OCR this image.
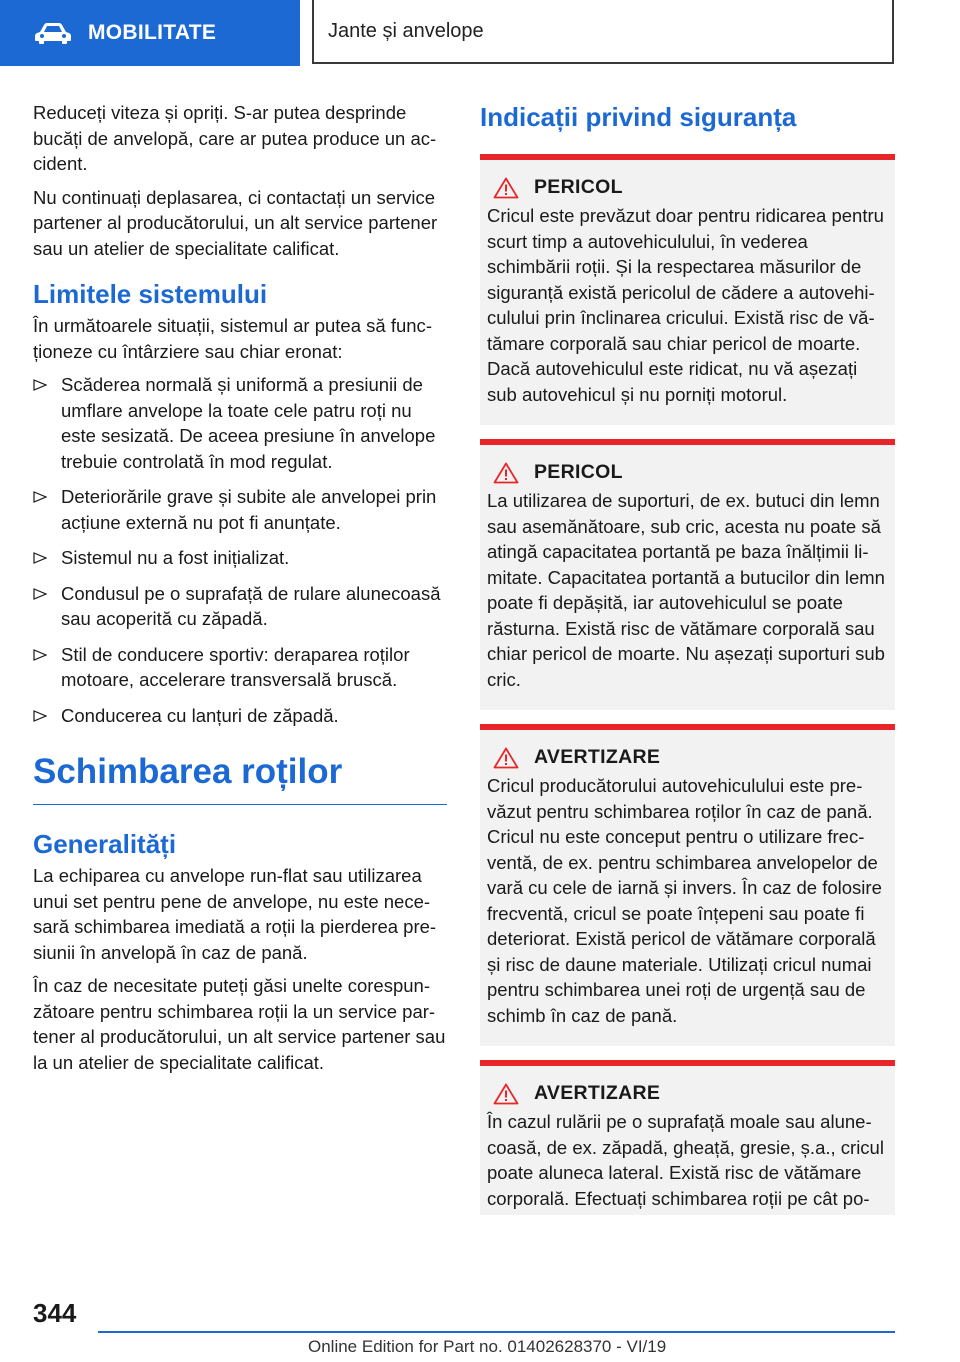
MOBILITATE	Jante și anvelope

Reduceți viteza și opriți. S-ar putea desprinde bucăți de anvelopă, care ar putea produce un accident.

Nu continuați deplasarea, ci contactați un service partener al producătorului, un alt service partener sau un atelier de specialitate calificat.

Limitele sistemului

În următoarele situații, sistemul ar putea să funcționeze cu întârziere sau chiar eronat:

Scăderea normală și uniformă a presiunii de umflare anvelope la toate cele patru roți nu este sesizată. De aceea presiune în anvelope trebuie controlată în mod regulat.
Deteriorările grave și subite ale anvelopei prin acțiune externă nu pot fi anunțate.
Sistemul nu a fost inițializat.
Condusul pe o suprafață de rulare alunecoasă sau acoperită cu zăpadă.
Stil de conducere sportiv: deraparea roților motoare, accelerare transversală bruscă.
Conducerea cu lanțuri de zăpadă.
Schimbarea roților
Generalități

La echiparea cu anvelope run-flat sau utilizarea unui set pentru pene de anvelope, nu este necesară schimbarea imediată a roții la pierderea presiunii în anvelopă în caz de pană.

În caz de necesitate puteți găsi unelte corespunzătoare pentru schimbarea roții la un service partener al producătorului, un alt service partener sau la un atelier de specialitate calificat.

Indicații privind siguranța
PERICOL

Cricul este prevăzut doar pentru ridicarea pentru scurt timp a autovehiculului, în vederea schimbării roții. Și la respectarea măsurilor de siguranță există pericolul de cădere a autovehiculului prin înclinarea cricului. Există risc de vătămare corporală sau chiar pericol de moarte. Dacă autovehiculul este ridicat, nu vă așezați sub autovehicul și nu porniți motorul.

PERICOL

La utilizarea de suporturi, de ex. butuci din lemn sau asemănătoare, sub cric, acesta nu poate să atingă capacitatea portantă pe baza înălțimii limitate. Capacitatea portantă a butucilor din lemn poate fi depășită, iar autovehiculul se poate răsturna. Există risc de vătămare corporală sau chiar pericol de moarte. Nu așezați suporturi sub cric.

AVERTIZARE

Cricul producătorului autovehiculului este prevăzut pentru schimbarea roților în caz de pană. Cricul nu este conceput pentru o utilizare frecventă, de ex. pentru schimbarea anvelopelor de vară cu cele de iarnă și invers. În caz de folosire frecventă, cricul se poate înțepeni sau poate fi deteriorat. Există pericol de vătămare corporală și risc de daune materiale. Utilizați cricul numai pentru schimbarea unei roți de urgență sau de schimb în caz de pană.

AVERTIZARE

În cazul rulării pe o suprafață moale sau alunecoasă, de ex. zăpadă, gheață, gresie, ș.a., cricul poate aluneca lateral. Există risc de vătămare corporală. Efectuați schimbarea roții pe cât po-

344
Online Edition for Part no. 01402628370 - VI/19
